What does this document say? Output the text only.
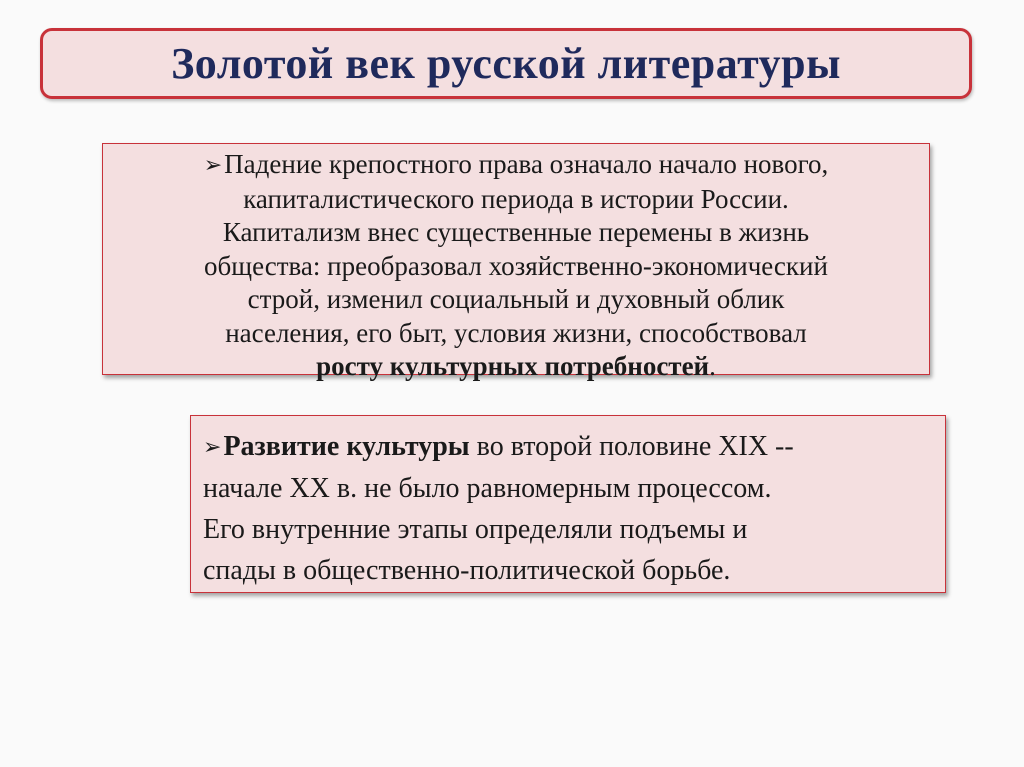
Золотой век русской литературы
➢Падение крепостного права означало начало нового,
капиталистического периода в истории России.
Капитализм внес существенные перемены в жизнь
общества: преобразовал хозяйственно-экономический
строй, изменил социальный и духовный облик
населения, его быт, условия жизни, способствовал
росту культурных потребностей.
➢Развитие культуры во второй половине XIX --
начале XX в. не было равномерным процессом.
Его внутренние этапы определяли подъемы и
спады в общественно-политической борьбе.
